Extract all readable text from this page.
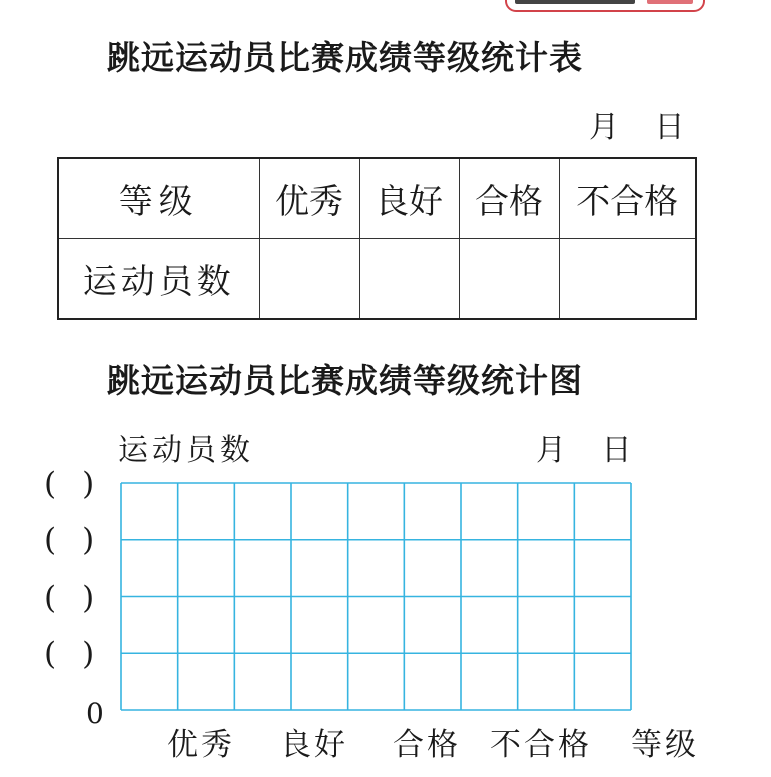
跳远运动员比赛成绩等级统计表
月 日
等级	优秀	良好	合格	不合格
运动员数				
跳远运动员比赛成绩等级统计图
运动员数	月 日
()
()
()
()
0
优秀 良好 合格 不合格 等级
